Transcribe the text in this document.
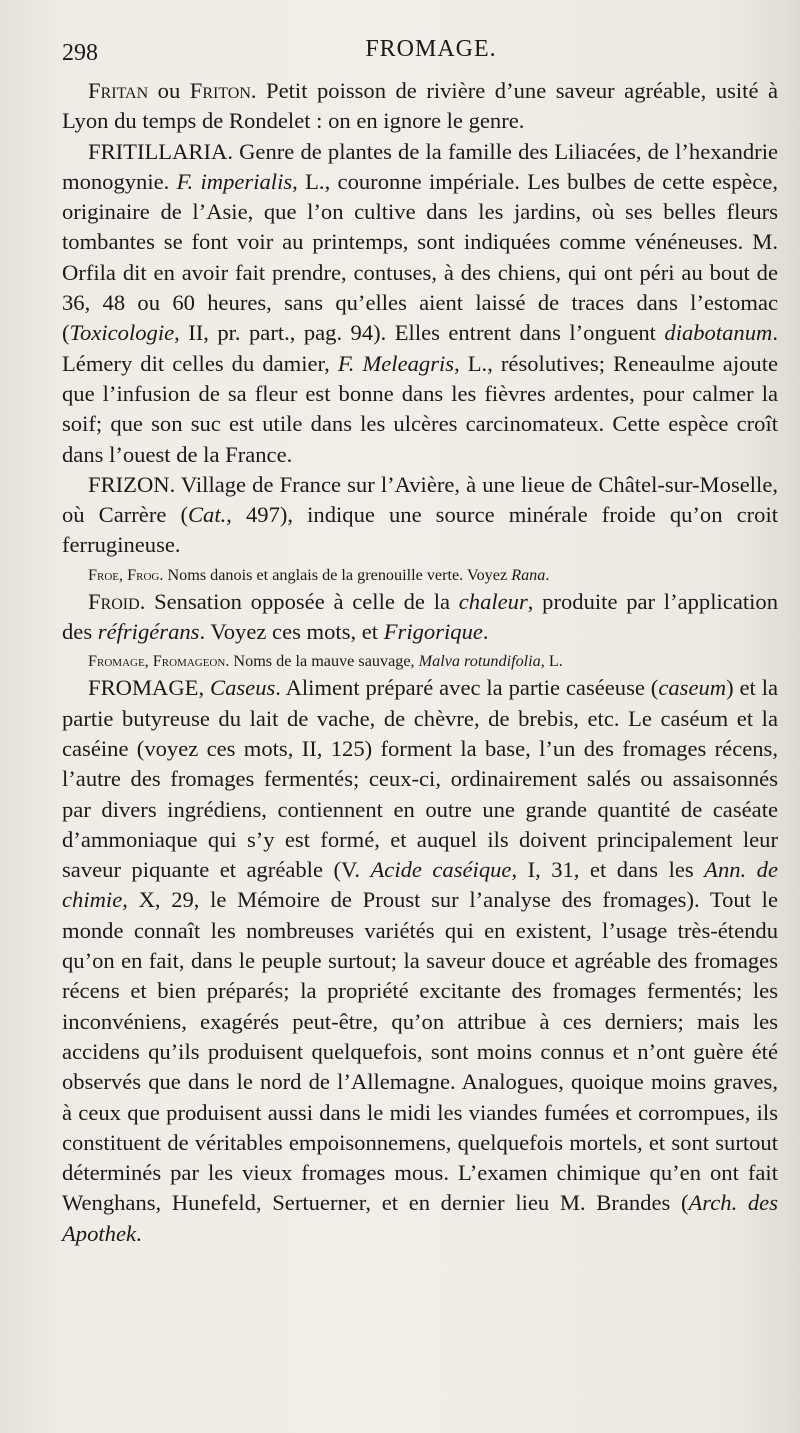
298	FROMAGE.

Fritan ou Friton. Petit poisson de rivière d’une saveur agréable, usité à Lyon du temps de Rondelet : on en ignore le genre.

FRITILLARIA. Genre de plantes de la famille des Liliacées, de l’hexandrie monogynie. F. imperialis, L., couronne impériale. Les bulbes de cette espèce, originaire de l’Asie, que l’on cultive dans les jardins, où ses belles fleurs tombantes se font voir au printemps, sont indiquées comme vénéneuses. M. Orfila dit en avoir fait prendre, contuses, à des chiens, qui ont péri au bout de 36, 48 ou 60 heures, sans qu’elles aient laissé de traces dans l’estomac (Toxicologie, II, pr. part., pag. 94). Elles entrent dans l’onguent diabotanum. Lémery dit celles du damier, F. Meleagris, L., résolutives; Reneaulme ajoute que l’infusion de sa fleur est bonne dans les fièvres ardentes, pour calmer la soif; que son suc est utile dans les ulcères carcinomateux. Cette espèce croît dans l’ouest de la France.

FRIZON. Village de France sur l’Avière, à une lieue de Châtel-sur-Moselle, où Carrère (Cat., 497), indique une source minérale froide qu’on croit ferrugineuse.

Froe, Frog. Noms danois et anglais de la grenouille verte. Voyez Rana.

Froid. Sensation opposée à celle de la chaleur, produite par l’application des réfrigérans. Voyez ces mots, et Frigorique.

Fromage, Fromageon. Noms de la mauve sauvage, Malva rotundifolia, L.

FROMAGE, Caseus. Aliment préparé avec la partie caséeuse (caseum) et la partie butyreuse du lait de vache, de chèvre, de brebis, etc. Le caséum et la caséine (voyez ces mots, II, 125) forment la base, l’un des fromages récens, l’autre des fromages fermentés; ceux-ci, ordinairement salés ou assaisonnés par divers ingrédiens, contiennent en outre une grande quantité de caséate d’ammoniaque qui s’y est formé, et auquel ils doivent principalement leur saveur piquante et agréable (V. Acide caséique, I, 31, et dans les Ann. de chimie, X, 29, le Mémoire de Proust sur l’analyse des fromages). Tout le monde connaît les nombreuses variétés qui en existent, l’usage très-étendu qu’on en fait, dans le peuple surtout; la saveur douce et agréable des fromages récens et bien préparés; la propriété excitante des fromages fermentés; les inconvéniens, exagérés peut-être, qu’on attribue à ces derniers; mais les accidens qu’ils produisent quelquefois, sont moins connus et n’ont guère été observés que dans le nord de l’Allemagne. Analogues, quoique moins graves, à ceux que produisent aussi dans le midi les viandes fumées et corrompues, ils constituent de véritables empoisonnemens, quelquefois mortels, et sont surtout déterminés par les vieux fromages mous. L’examen chimique qu’en ont fait Wenghans, Hunefeld, Sertuerner, et en dernier lieu M. Brandes (Arch. des Apothek.
